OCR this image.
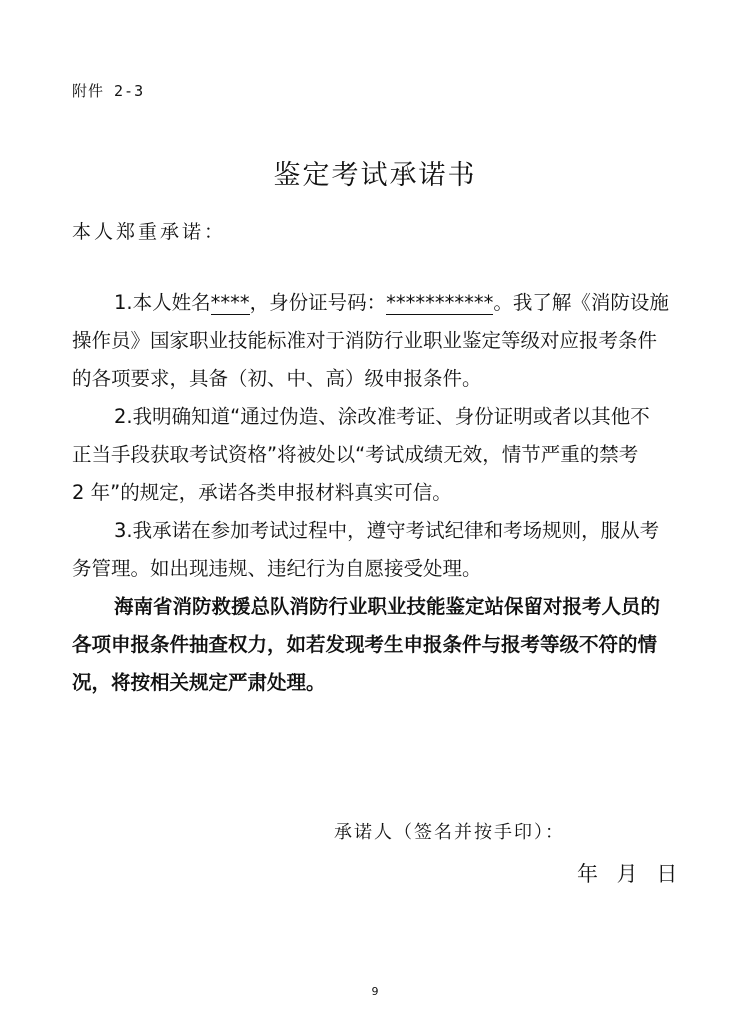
附件 2-3
鉴定考试承诺书
本人郑重承诺：
1.本人姓名****，身份证号码：***********。我了解《消防设施
操作员》国家职业技能标准对于消防行业职业鉴定等级对应报考条件
的各项要求，具备（初、中、高）级申报条件。
2.我明确知道“通过伪造、涂改准考证、身份证明或者以其他不
正当手段获取考试资格”将被处以“考试成绩无效，情节严重的禁考
2 年”的规定，承诺各类申报材料真实可信。
3.我承诺在参加考试过程中，遵守考试纪律和考场规则，服从考
务管理。如出现违规、违纪行为自愿接受处理。
海南省消防救援总队消防行业职业技能鉴定站保留对报考人员的
各项申报条件抽查权力，如若发现考生申报条件与报考等级不符的情
况，将按相关规定严肃处理。
承诺人（签名并按手印）：
年 月 日
9
